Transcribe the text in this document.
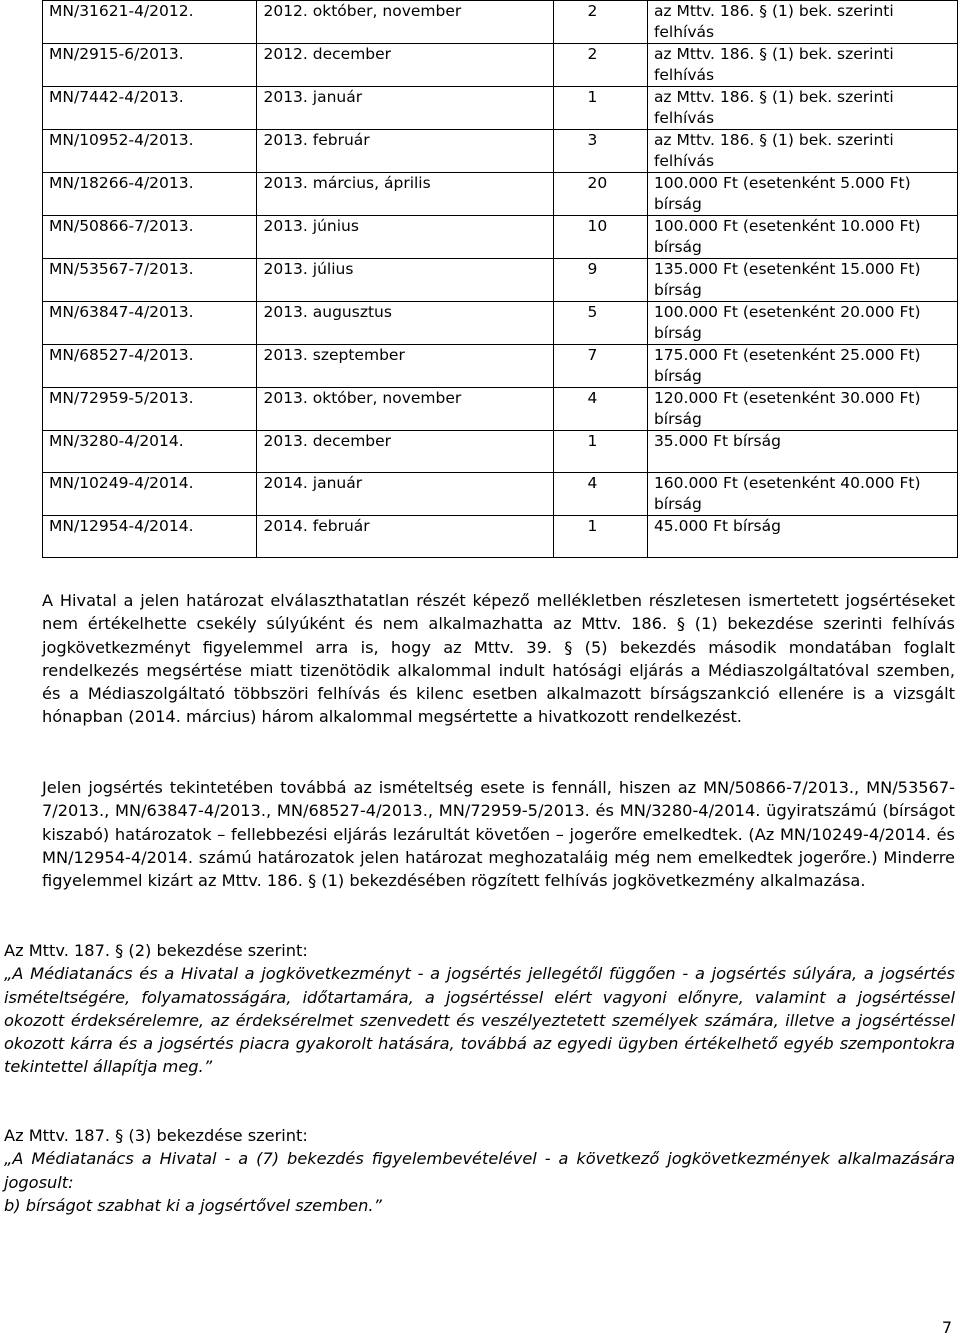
MN/31621-4/2012.	2012. október, november	2	az Mttv. 186. § (1) bek. szerinti felhívás
MN/2915-6/2013.	2012. december	2	az Mttv. 186. § (1) bek. szerinti felhívás
MN/7442-4/2013.	2013. január	1	az Mttv. 186. § (1) bek. szerinti felhívás
MN/10952-4/2013.	2013. február	3	az Mttv. 186. § (1) bek. szerinti felhívás
MN/18266-4/2013.	2013. március, április	20	100.000 Ft (esetenként 5.000 Ft) bírság
MN/50866-7/2013.	2013. június	10	100.000 Ft (esetenként 10.000 Ft) bírság
MN/53567-7/2013.	2013. július	9	135.000 Ft (esetenként 15.000 Ft) bírság
MN/63847-4/2013.	2013. augusztus	5	100.000 Ft (esetenként 20.000 Ft) bírság
MN/68527-4/2013.	2013. szeptember	7	175.000 Ft (esetenként 25.000 Ft) bírság
MN/72959-5/2013.	2013. október, november	4	120.000 Ft (esetenként 30.000 Ft) bírság
MN/3280-4/2014.	2013. december	1	35.000 Ft bírság
MN/10249-4/2014.	2014. január	4	160.000 Ft (esetenként 40.000 Ft) bírság
MN/12954-4/2014.	2014. február	1	45.000 Ft bírság

A Hivatal a jelen határozat elválaszthatatlan részét képező mellékletben részletesen ismertetett jogsértéseket nem értékelhette csekély súlyúként és nem alkalmazhatta az Mttv. 186. § (1) bekezdése szerinti felhívás jogkövetkezményt figyelemmel arra is, hogy az Mttv. 39. § (5) bekezdés második mondatában foglalt rendelkezés megsértése miatt tizenötödik alkalommal indult hatósági eljárás a Médiaszolgáltatóval szemben, és a Médiaszolgáltató többszöri felhívás és kilenc esetben alkalmazott bírságszankció ellenére is a vizsgált hónapban (2014. március) három alkalommal megsértette a hivatkozott rendelkezést.

Jelen jogsértés tekintetében továbbá az ismételtség esete is fennáll, hiszen az MN/50866-7/2013., MN/53567-7/2013., MN/63847-4/2013., MN/68527-4/2013., MN/72959-5/2013. és MN/3280-4/2014. ügyiratszámú (bírságot kiszabó) határozatok – fellebbezési eljárás lezárultát követően – jogerőre emelkedtek. (Az MN/10249-4/2014. és MN/12954-4/2014. számú határozatok jelen határozat meghozataláig még nem emelkedtek jogerőre.) Minderre figyelemmel kizárt az Mttv. 186. § (1) bekezdésében rögzített felhívás jogkövetkezmény alkalmazása.

Az Mttv. 187. § (2) bekezdése szerint:
„A Médiatanács és a Hivatal a jogkövetkezményt - a jogsértés jellegétől függően - a jogsértés súlyára, a jogsértés ismételtségére, folyamatosságára, időtartamára, a jogsértéssel elért vagyoni előnyre, valamint a jogsértéssel okozott érdeksérelemre, az érdeksérelmet szenvedett és veszélyeztetett személyek számára, illetve a jogsértéssel okozott kárra és a jogsértés piacra gyakorolt hatására, továbbá az egyedi ügyben értékelhető egyéb szempontokra tekintettel állapítja meg.”
Az Mttv. 187. § (3) bekezdése szerint:
„A Médiatanács a Hivatal - a (7) bekezdés figyelembevételével - a következő jogkövetkezmények alkalmazására jogosult:
b) bírságot szabhat ki a jogsértővel szemben.”
7
